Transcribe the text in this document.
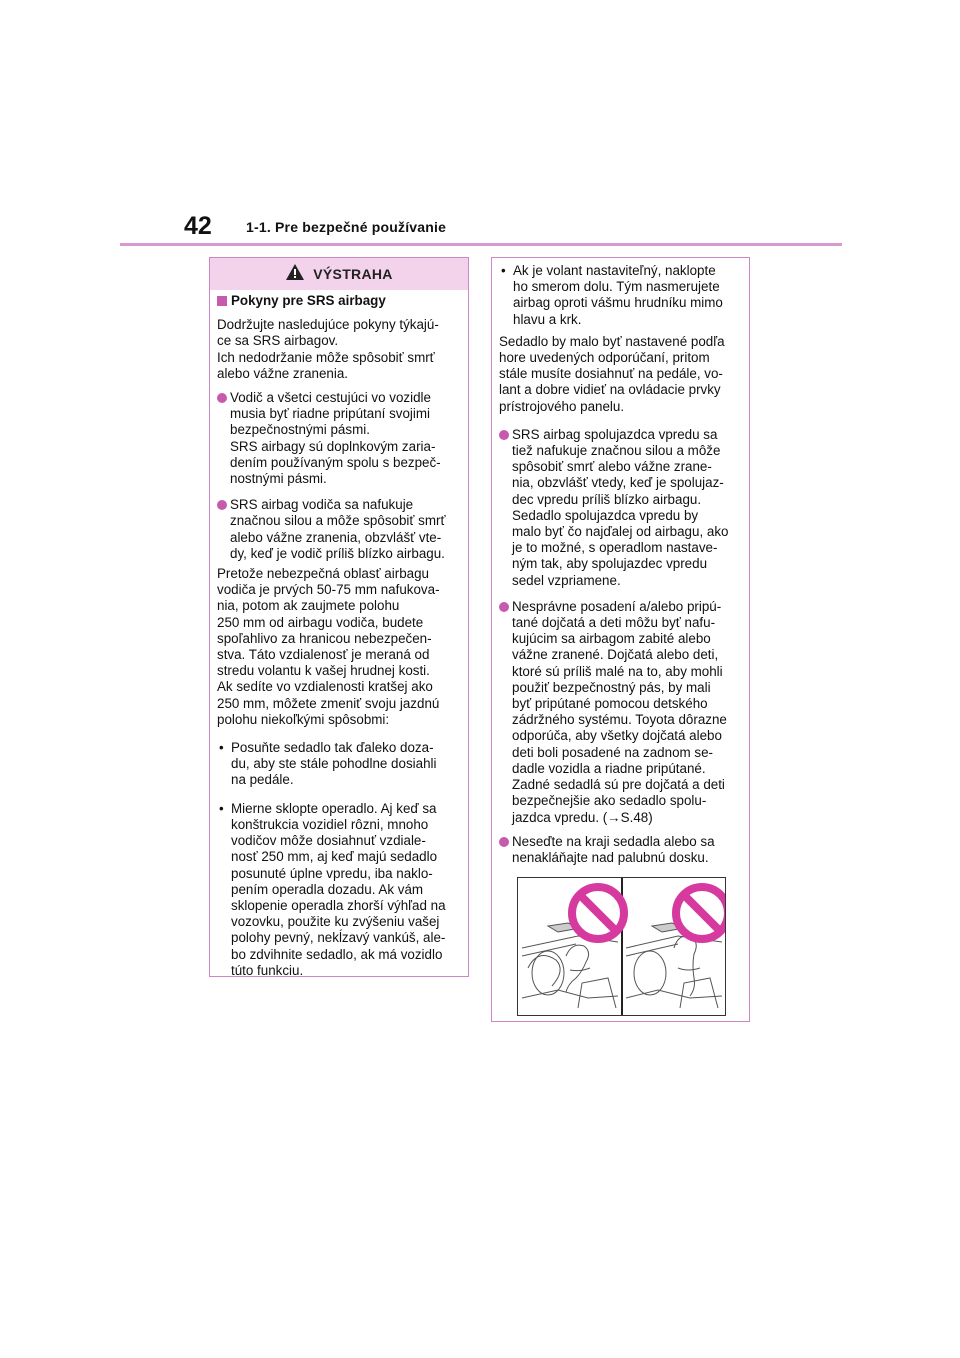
42 1-1. Pre bezpečné používanie
VÝSTRAHA
Pokyny pre SRS airbagy

Dodržujte nasledujúce pokyny týkajú-
ce sa SRS airbagov.
Ich nedodržanie môže spôsobiť smrť
alebo vážne zranenia.

Vodič a všetci cestujúci vo vozidle
musia byť riadne pripútaní svojimi
bezpečnostnými pásmi.
SRS airbagy sú doplnkovým zaria-
dením používaným spolu s bezpeč-
nostnými pásmi.

SRS airbag vodiča sa nafukuje
značnou silou a môže spôsobiť smrť
alebo vážne zranenia, obzvlášť vte-
dy, keď je vodič príliš blízko airbagu.

Pretože nebezpečná oblasť airbagu
vodiča je prvých 50-75 mm nafukova-
nia, potom ak zaujmete polohu
250 mm od airbagu vodiča, budete
spoľahlivo za hranicou nebezpečen-
stva. Táto vzdialenosť je meraná od
stredu volantu k vašej hrudnej kosti.
Ak sedíte vo vzdialenosti kratšej ako
250 mm, môžete zmeniť svoju jazdnú
polohu niekoľkými spôsobmi:

• Posuňte sedadlo tak ďaleko doza-
du, aby ste stále pohodlne dosiahli
na pedále.

• Mierne sklopte operadlo. Aj keď sa
konštrukcia vozidiel rôzni, mnoho
vodičov môže dosiahnuť vzdiale-
nosť 250 mm, aj keď majú sedadlo
posunuté úplne vpredu, iba naklo-
pením operadla dozadu. Ak vám
sklopenie operadla zhorší výhľad na
vozovku, použite ku zvýšeniu vašej
polohy pevný, nekĺzavý vankúš, ale-
bo zdvihnite sedadlo, ak má vozidlo
túto funkciu.

• Ak je volant nastaviteľný, naklopte
ho smerom dolu. Tým nasmerujete
airbag oproti vášmu hrudníku mimo
hlavu a krk.

Sedadlo by malo byť nastavené podľa
hore uvedených odporúčaní, pritom
stále musíte dosiahnuť na pedále, vo-
lant a dobre vidieť na ovládacie prvky
prístrojového panelu.

SRS airbag spolujazdca vpredu sa
tiež nafukuje značnou silou a môže
spôsobiť smrť alebo vážne zrane-
nia, obzvlášť vtedy, keď je spolujaz-
dec vpredu príliš blízko airbagu.
Sedadlo spolujazdca vpredu by
malo byť čo najďalej od airbagu, ako
je to možné, s operadlom nastave-
ným tak, aby spolujazdec vpredu
sedel vzpriamene.

Nesprávne posadení a/alebo pripú-
tané dojčatá a deti môžu byť nafu-
kujúcim sa airbagom zabité alebo
vážne zranené. Dojčatá alebo deti,
ktoré sú príliš malé na to, aby mohli
použiť bezpečnostný pás, by mali
byť pripútané pomocou detského
zádržného systému. Toyota dôrazne
odporúča, aby všetky dojčatá alebo
deti boli posadené na zadnom se-
dadle vozidla a riadne pripútané.
Zadné sedadlá sú pre dojčatá a deti
bezpečnejšie ako sedadlo spolu-
jazdca vpredu. (→S.48)

Neseďte na kraji sedadla alebo sa
nenakláňajte nad palubnú dosku.
